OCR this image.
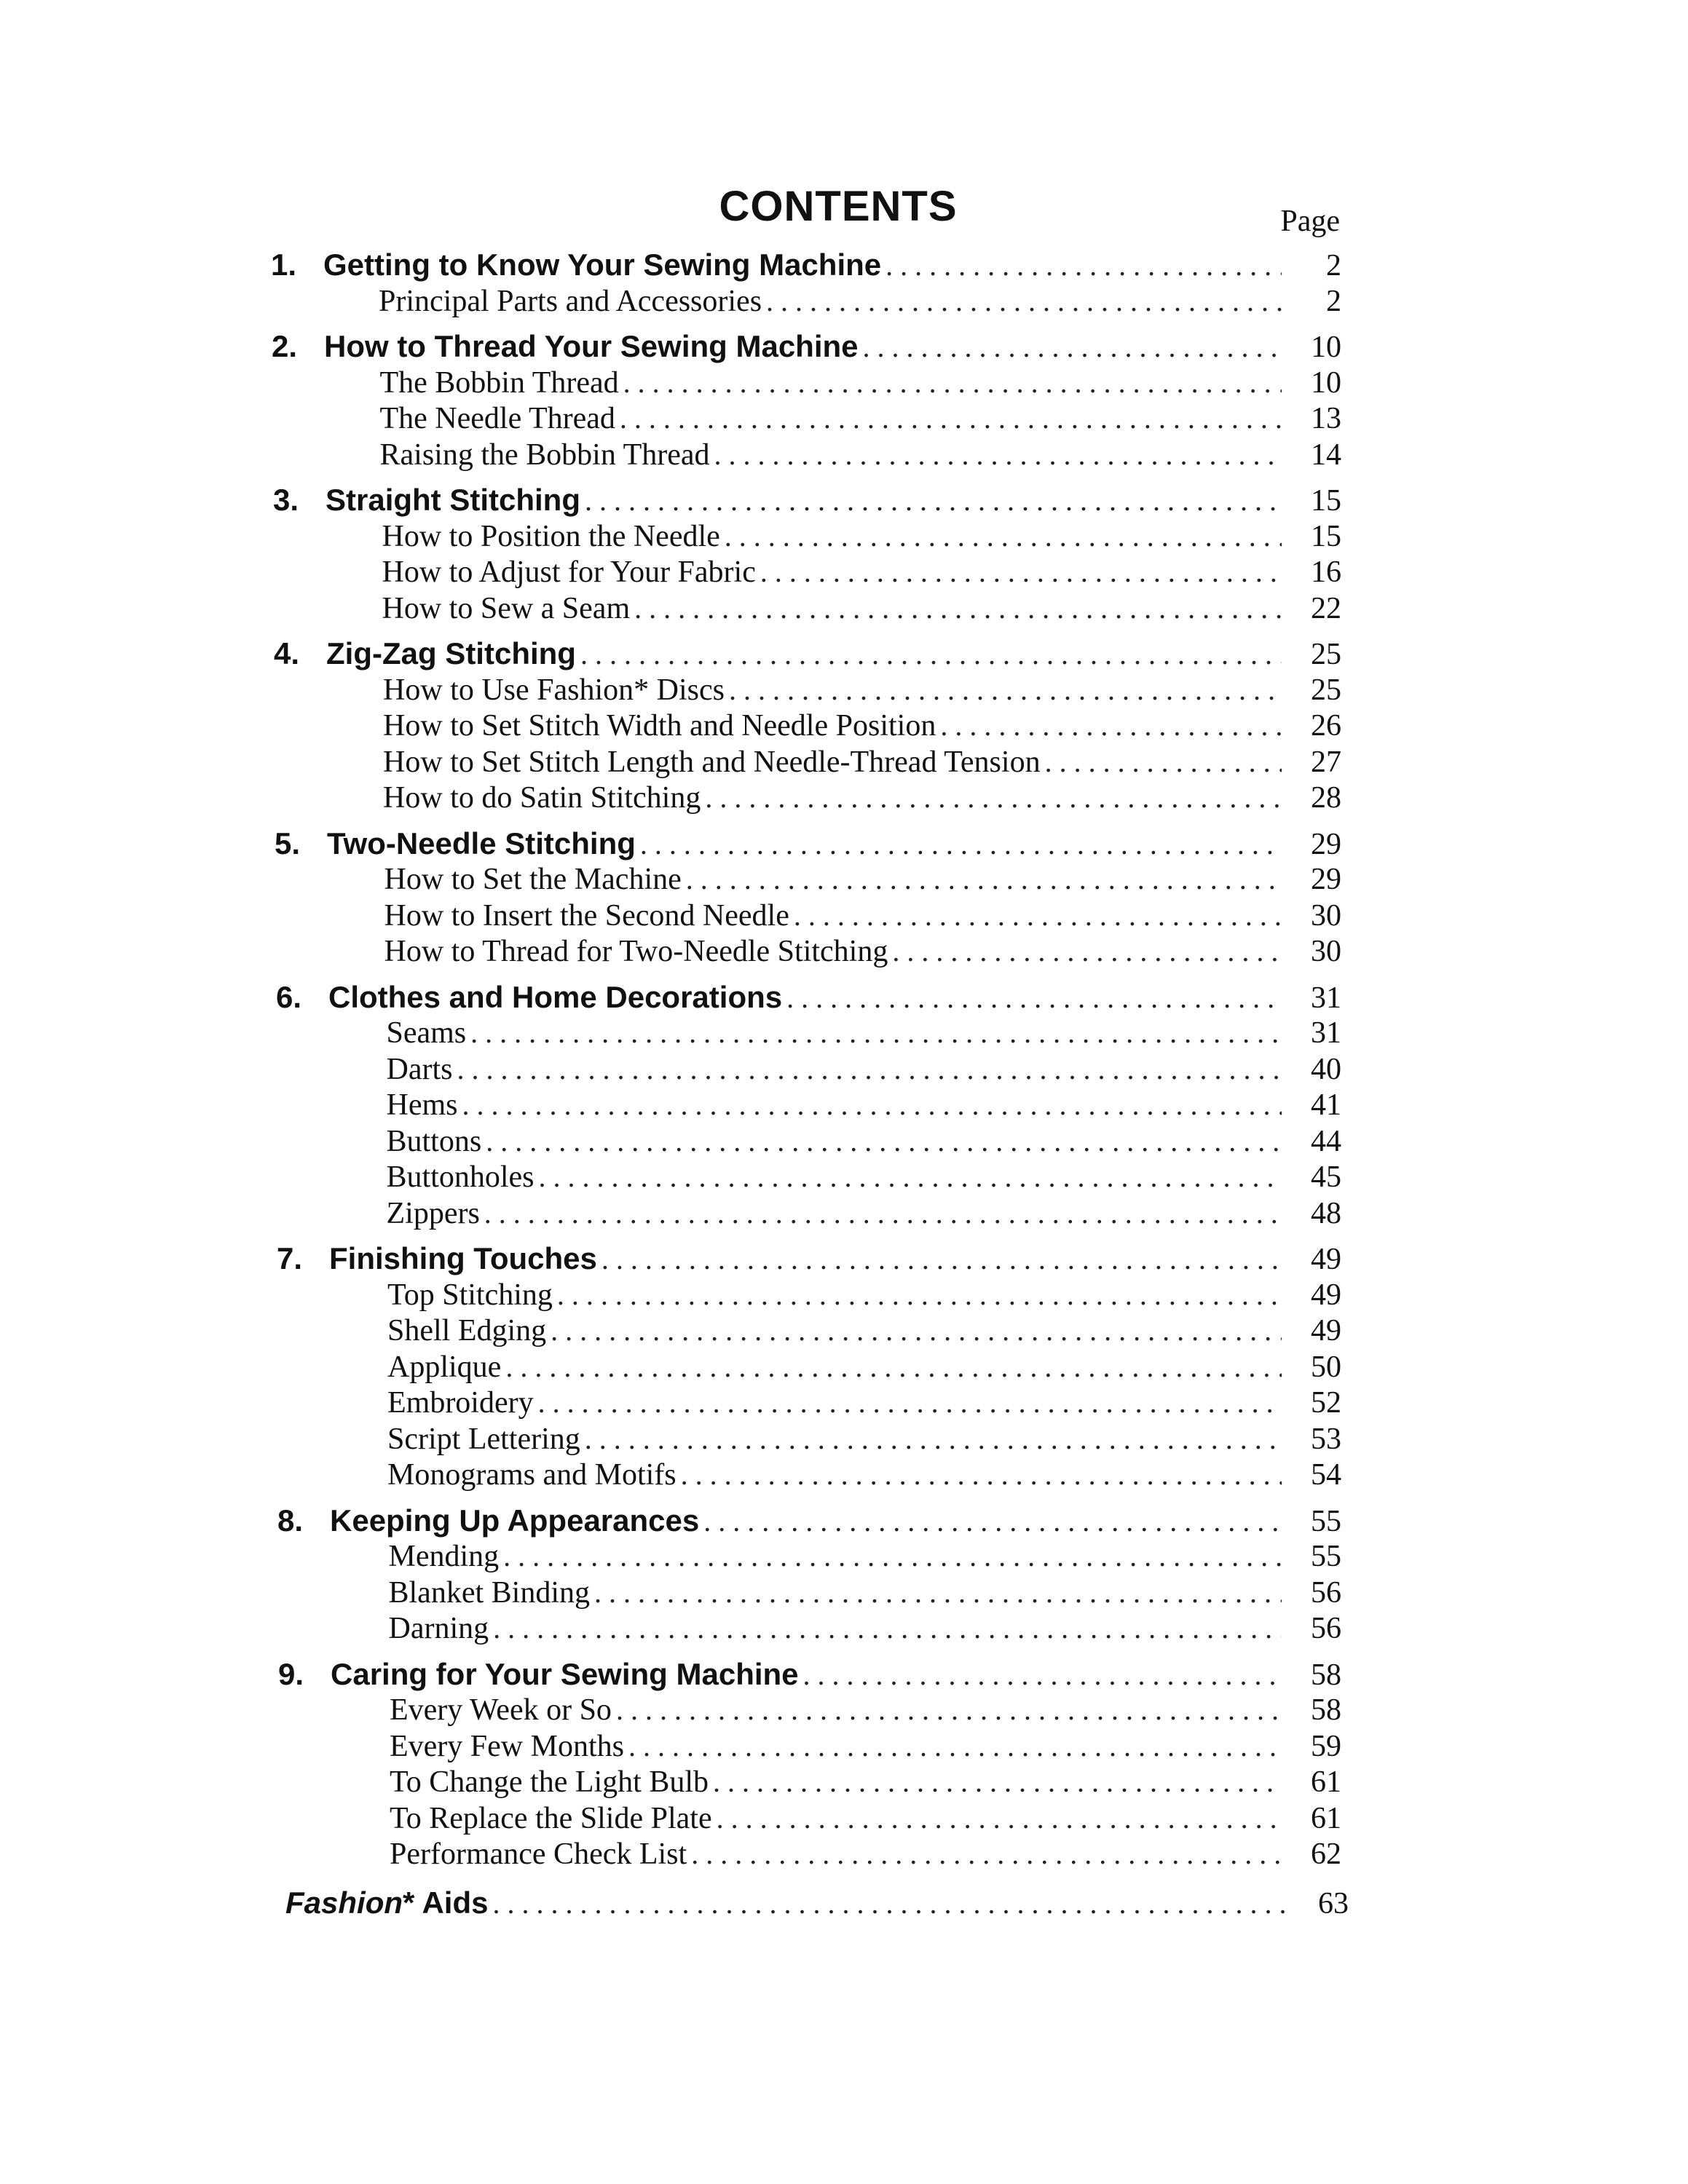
CONTENTS	Page
1. Getting to Know Your Sewing Machine . . .	2
Principal Parts and Accessories . . .	2
2. How to Thread Your Sewing Machine . . .	10
The Bobbin Thread . . .	10
The Needle Thread . . .	13
Raising the Bobbin Thread . . .	14
3. Straight Stitching . . .	15
How to Position the Needle . . .	15
How to Adjust for Your Fabric . . .	16
How to Sew a Seam . . .	22
4. Zig-Zag Stitching . . .	25
How to Use Fashion* Discs . . .	25
How to Set Stitch Width and Needle Position . . .	26
How to Set Stitch Length and Needle-Thread Tension . . .	27
How to do Satin Stitching . . .	28
5. Two-Needle Stitching . . .	29
How to Set the Machine . . .	29
How to Insert the Second Needle . . .	30
How to Thread for Two-Needle Stitching . . .	30
6. Clothes and Home Decorations . . .	31
Seams . . .	31
Darts . . .	40
Hems . . .	41
Buttons . . .	44
Buttonholes . . .	45
Zippers . . .	48
7. Finishing Touches . . .	49
Top Stitching . . .	49
Shell Edging . . .	49
Applique . . .	50
Embroidery . . .	52
Script Lettering . . .	53
Monograms and Motifs . . .	54
8. Keeping Up Appearances . . .	55
Mending . . .	55
Blanket Binding . . .	56
Darning . . .	56
9. Caring for Your Sewing Machine . . .	58
Every Week or So . . .	58
Every Few Months . . .	59
To Change the Light Bulb . . .	61
To Replace the Slide Plate . . .	61
Performance Check List . . .	62
Fashion* Aids . . .	63
